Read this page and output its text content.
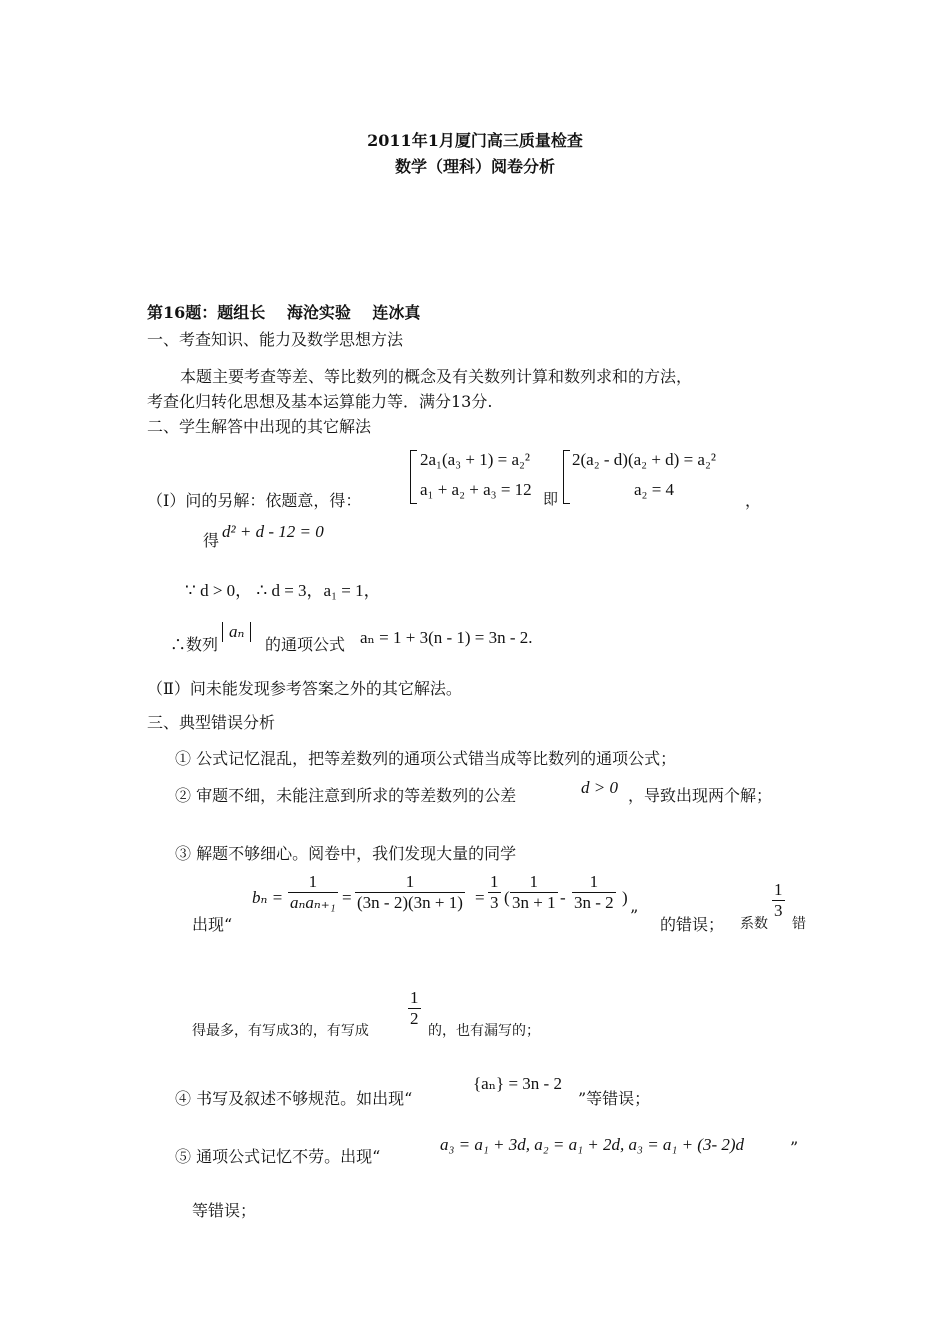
2011年1月厦门高三质量检查
数学（理科）阅卷分析
第16题：题组长　 海沧实验　 连冰真
一、考查知识、能力及数学思想方法
本题主要考查等差、等比数列的概念及有关数列计算和数列求和的方法，
考查化归转化思想及基本运算能力等．满分13分.
二、学生解答中出现的其它解法
（Ⅰ）问的另解：依题意，得：
2a₁(a₃ + 1) = a₂²
a₁ + a₂ + a₃ = 12 即
2(a₂ - d)(a₂ + d) = a₂²
a₂ = 4
，
得 d² + d - 12 = 0
∵ d > 0， ∴ d = 3，a₁ = 1，
∴数列
aₙ
的通项公式 aₙ = 1 + 3(n - 1) = 3n - 2.
（Ⅱ）问未能发现参考答案之外的其它解法。
三、典型错误分析
① 公式记忆混乱，把等差数列的通项公式错当成等比数列的通项公式；
② 审题不细，未能注意到所求的等差数列的公差	d > 0 ，导致出现两个解；
③ 解题不够细心。阅卷中，我们发现大量的同学
出现“
bₙ =
1
$a_na_{n+1} = \frac{1}{(3n - 2)(3n + 1)} = \frac{1}{3}$ ( $\frac{1}{3n + 1} - \frac{1}{3n - 2}$ )
” 的错误； 系数
$\frac{1}{3}$
错
得最多，有写成3的，有写成
$\frac{1}{2}$
的，也有漏写的；
④ 书写及叙述不够规范。如出现“
{aₙ} = 3n - 2
”等错误；
⑤ 通项公式记忆不劳。出现“
a₃ = a₁ + 3d, a₂ = a₁ + 2d, a₃ = a₁ + (3- 2)d	”
等错误；
